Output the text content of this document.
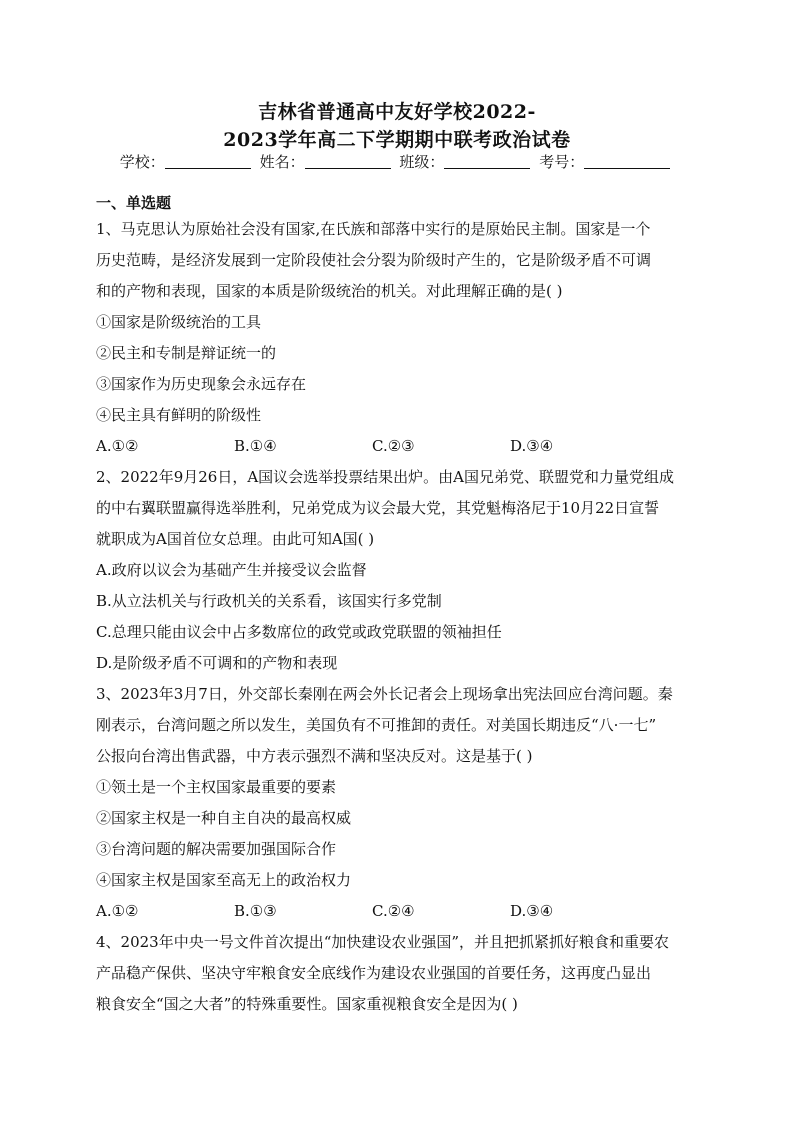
吉林省普通高中友好学校2022-
2023学年高二下学期期中联考政治试卷
学校：	姓名：	班级：	考号：
一、单选题

1、马克思认为原始社会没有国家,在氏族和部落中实行的是原始民主制。国家是一个

历史范畴，是经济发展到一定阶段使社会分裂为阶级时产生的，它是阶级矛盾不可调

和的产物和表现，国家的本质是阶级统治的机关。对此理解正确的是( )

①国家是阶级统治的工具

②民主和专制是辩证统一的

③国家作为历史现象会永远存在

④民主具有鲜明的阶级性

A.①②	B.①④	C.②③	D.③④

2、2022年9月26日，A国议会选举投票结果出炉。由A国兄弟党、联盟党和力量党组成

的中右翼联盟赢得选举胜利，兄弟党成为议会最大党，其党魁梅洛尼于10月22日宣誓

就职成为A国首位女总理。由此可知A国( )

A.政府以议会为基础产生并接受议会监督

B.从立法机关与行政机关的关系看，该国实行多党制

C.总理只能由议会中占多数席位的政党或政党联盟的领袖担任

D.是阶级矛盾不可调和的产物和表现

3、2023年3月7日，外交部长秦刚在两会外长记者会上现场拿出宪法回应台湾问题。秦

刚表示，台湾问题之所以发生，美国负有不可推卸的责任。对美国长期违反“八·一七”

公报向台湾出售武器，中方表示强烈不满和坚决反对。这是基于( )

①领土是一个主权国家最重要的要素

②国家主权是一种自主自决的最高权威

③台湾问题的解决需要加强国际合作

④国家主权是国家至高无上的政治权力

A.①②	B.①③	C.②④	D.③④

4、2023年中央一号文件首次提出“加快建设农业强国”，并且把抓紧抓好粮食和重要农

产品稳产保供、坚决守牢粮食安全底线作为建设农业强国的首要任务，这再度凸显出

粮食安全“国之大者”的特殊重要性。国家重视粮食安全是因为( )
